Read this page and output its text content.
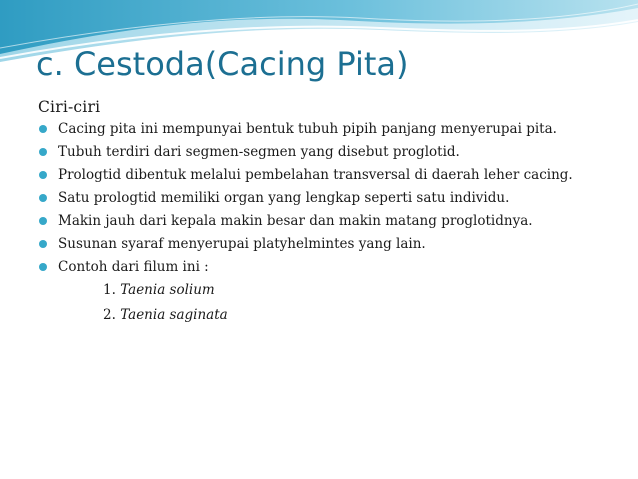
c. Cestoda(Cacing Pita)
Ciri-ciri
Cacing pita ini mempunyai bentuk tubuh pipih panjang menyerupai pita.
Tubuh terdiri dari segmen-segmen yang disebut proglotid.
Prologtid dibentuk melalui pembelahan transversal di daerah leher cacing.
Satu prologtid memiliki organ yang lengkap seperti satu individu.
Makin jauh dari kepala makin besar dan makin matang proglotidnya.
Susunan syaraf menyerupai platyhelmintes yang lain.
Contoh dari filum ini :
1. Taenia solium
2. Taenia saginata
